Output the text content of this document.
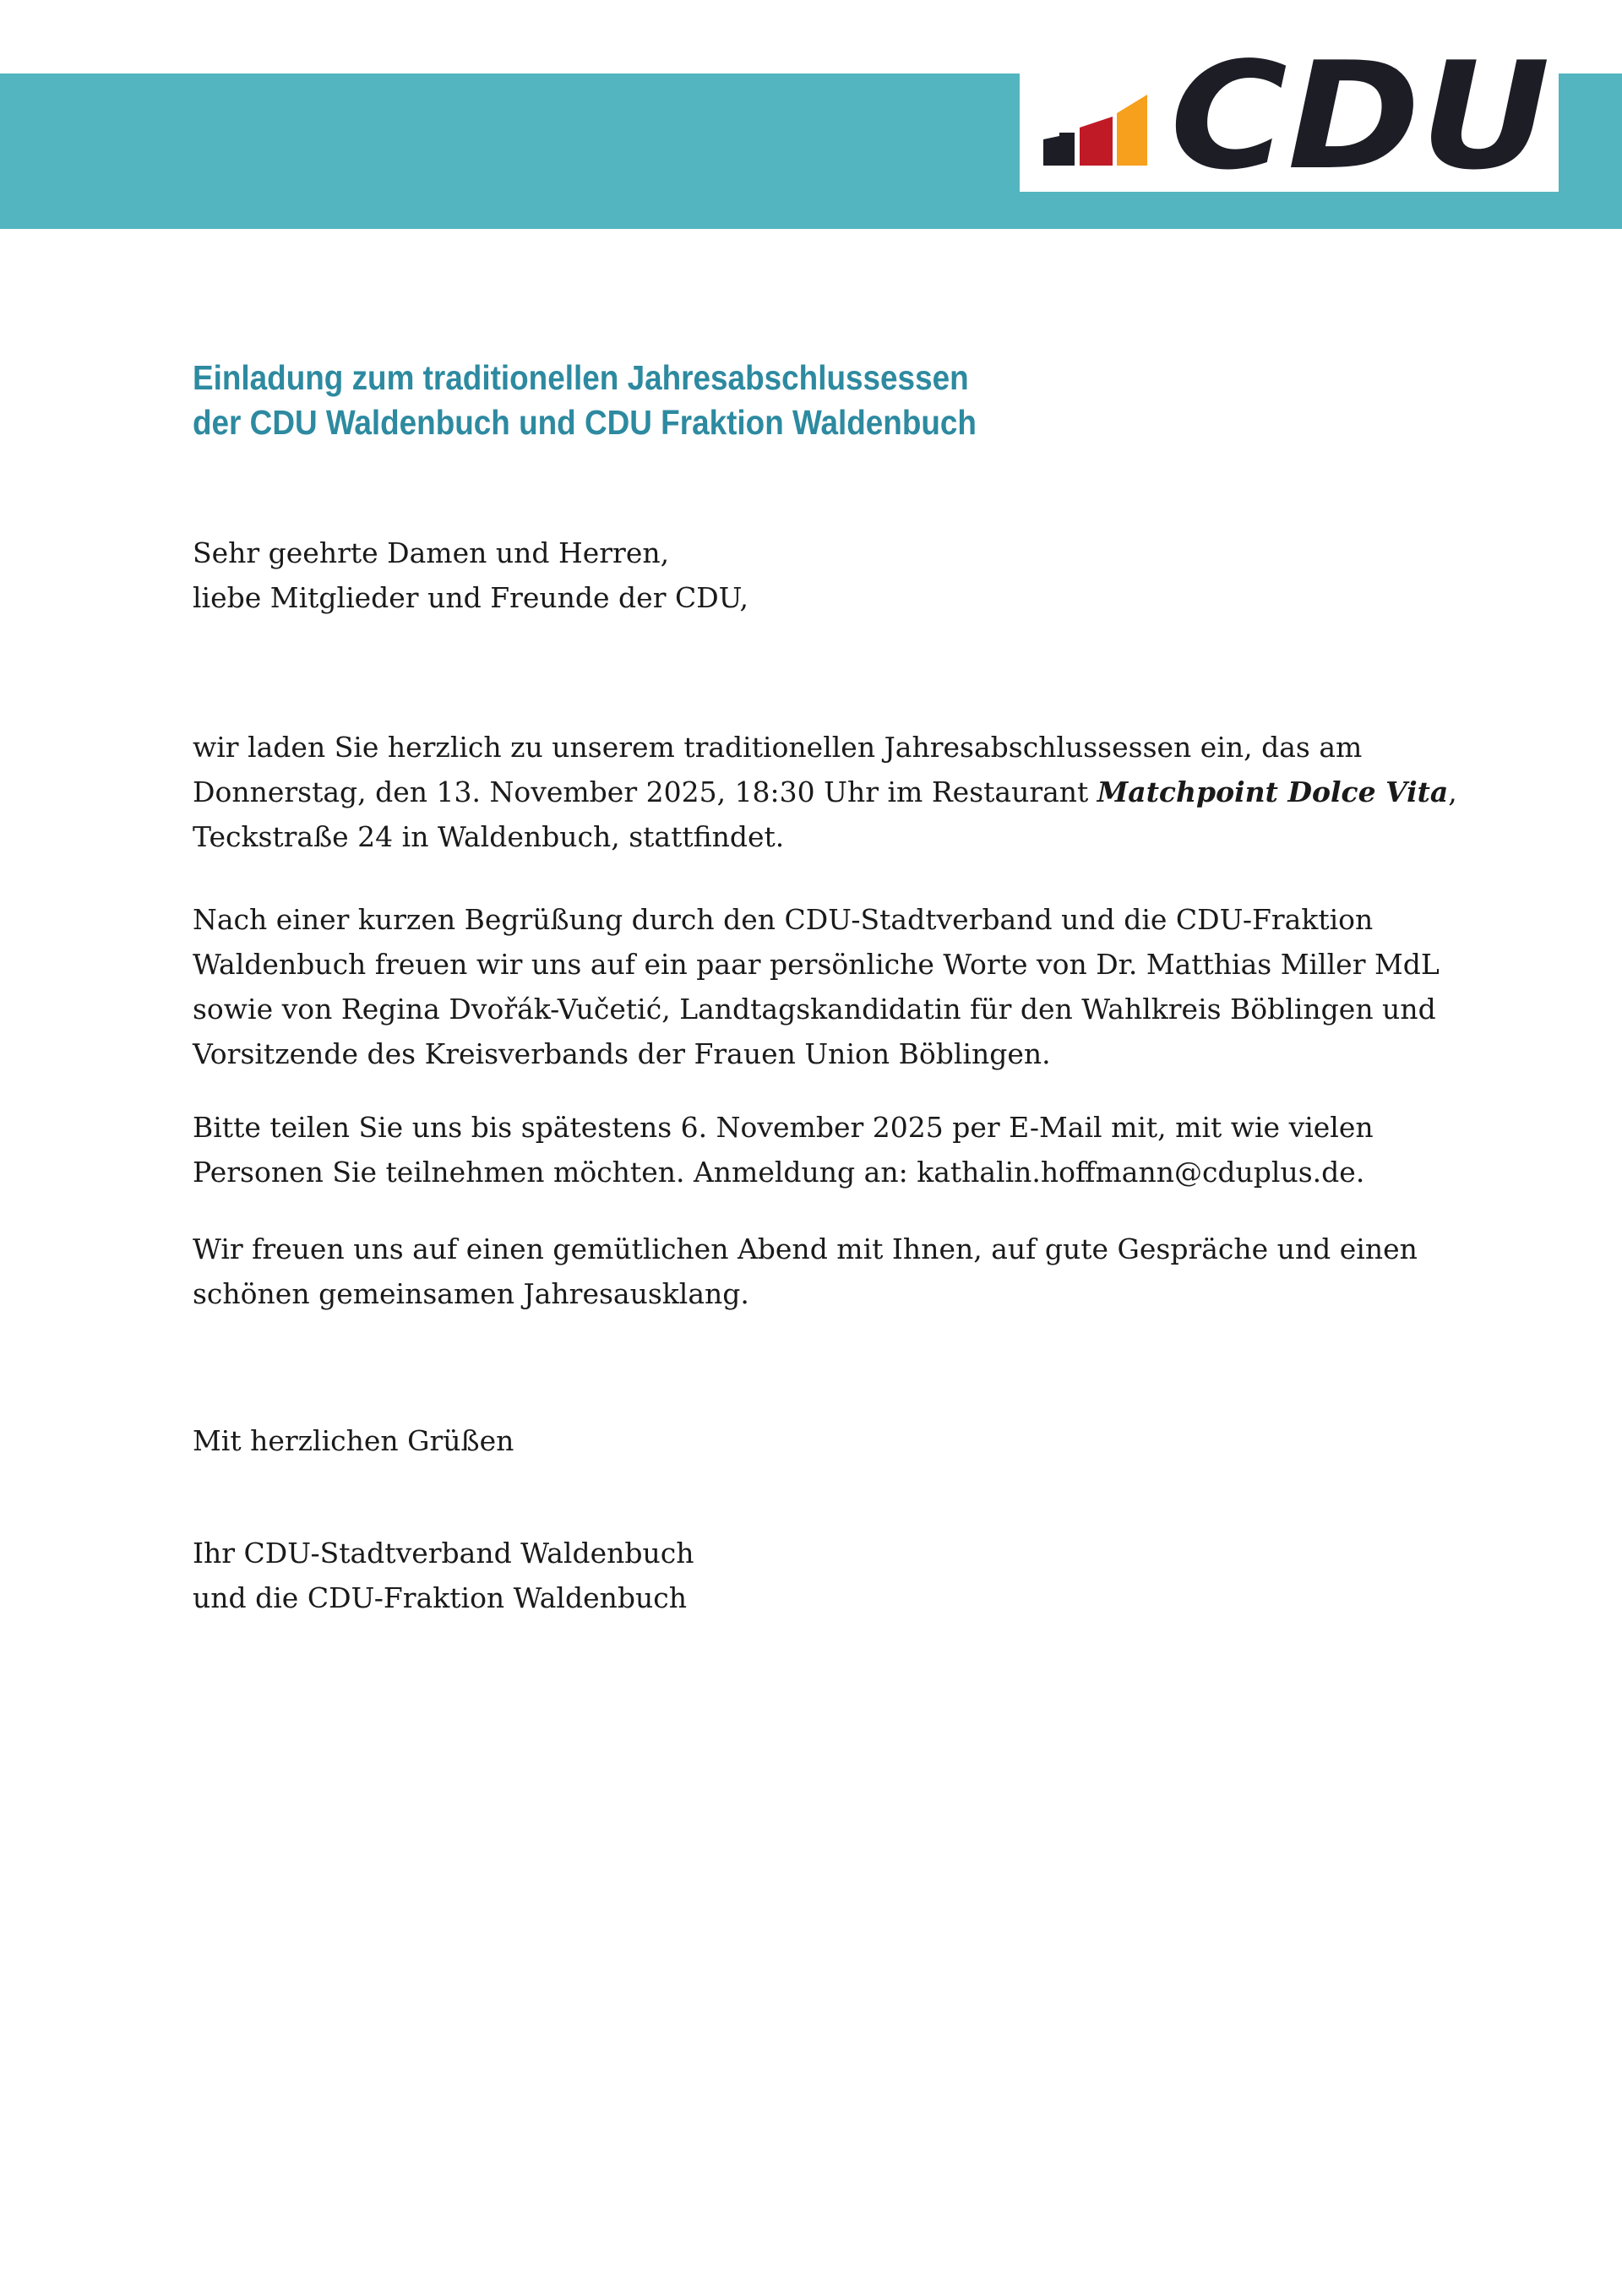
STADTVERBAND und FRAKTION WALDENBUCH
CDU
Einladung zum traditionellen Jahresabschlussessen
der CDU Waldenbuch und CDU Fraktion Waldenbuch
Sehr geehrte Damen und Herren,
liebe Mitglieder und Freunde der CDU,
wir laden Sie herzlich zu unserem traditionellen Jahresabschlussessen ein, das am
Donnerstag, den 13. November 2025, 18:30 Uhr im Restaurant Matchpoint Dolce Vita,
Teckstraße 24 in Waldenbuch, stattfindet.
Nach einer kurzen Begrüßung durch den CDU-Stadtverband und die CDU-Fraktion
Waldenbuch freuen wir uns auf ein paar persönliche Worte von Dr. Matthias Miller MdL
sowie von Regina Dvořák-Vučetić, Landtagskandidatin für den Wahlkreis Böblingen und
Vorsitzende des Kreisverbands der Frauen Union Böblingen.
Bitte teilen Sie uns bis spätestens 6. November 2025 per E-Mail mit, mit wie vielen
Personen Sie teilnehmen möchten. Anmeldung an: kathalin.hoffmann@cduplus.de.
Wir freuen uns auf einen gemütlichen Abend mit Ihnen, auf gute Gespräche und einen
schönen gemeinsamen Jahresausklang.
Mit herzlichen Grüßen
Ihr CDU-Stadtverband Waldenbuch
und die CDU-Fraktion Waldenbuch
